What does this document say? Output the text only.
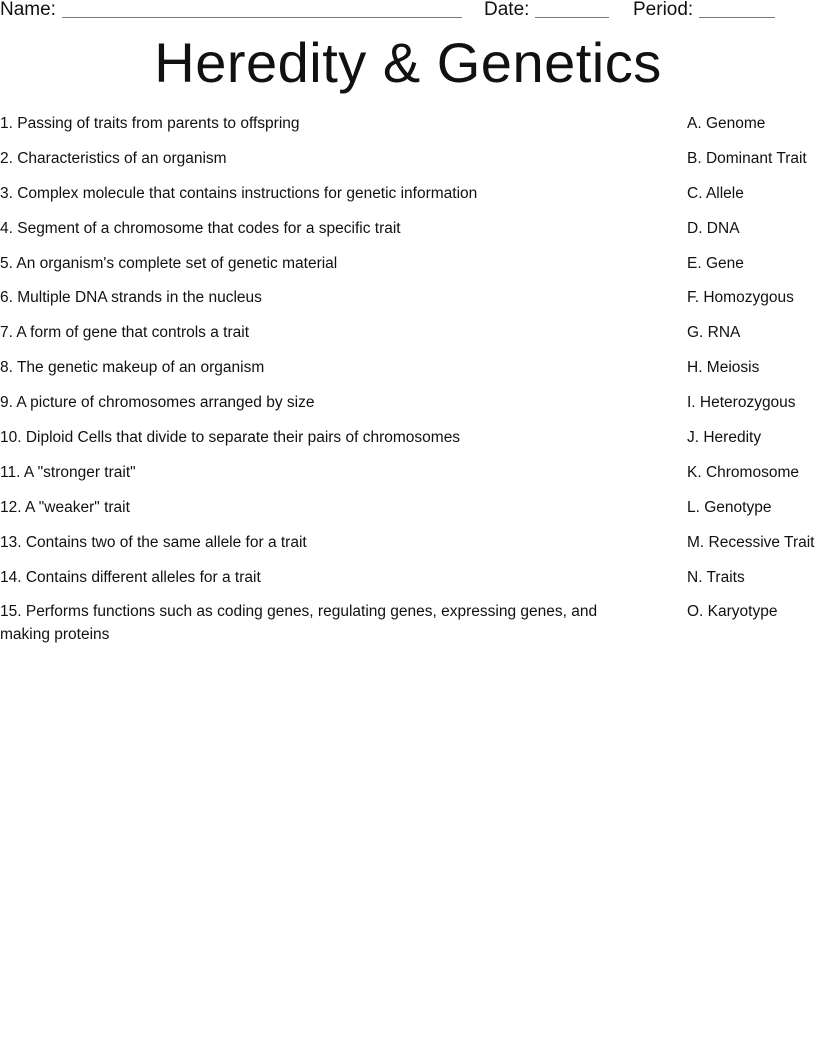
Name:	Date:	Period:
Heredity & Genetics
1. Passing of traits from parents to offspring
2. Characteristics of an organism
3. Complex molecule that contains instructions for genetic information
4. Segment of a chromosome that codes for a specific trait
5. An organism's complete set of genetic material
6. Multiple DNA strands in the nucleus
7. A form of gene that controls a trait
8. The genetic makeup of an organism
9. A picture of chromosomes arranged by size
10. Diploid Cells that divide to separate their pairs of chromosomes
11. A "stronger trait"
12. A "weaker" trait
13. Contains two of the same allele for a trait
14. Contains different alleles for a trait
15. Performs functions such as coding genes, regulating genes, expressing genes, and making proteins
A. Genome
B. Dominant Trait
C. Allele
D. DNA
E. Gene
F. Homozygous
G. RNA
H. Meiosis
I. Heterozygous
J. Heredity
K. Chromosome
L. Genotype
M. Recessive Trait
N. Traits
O. Karyotype
